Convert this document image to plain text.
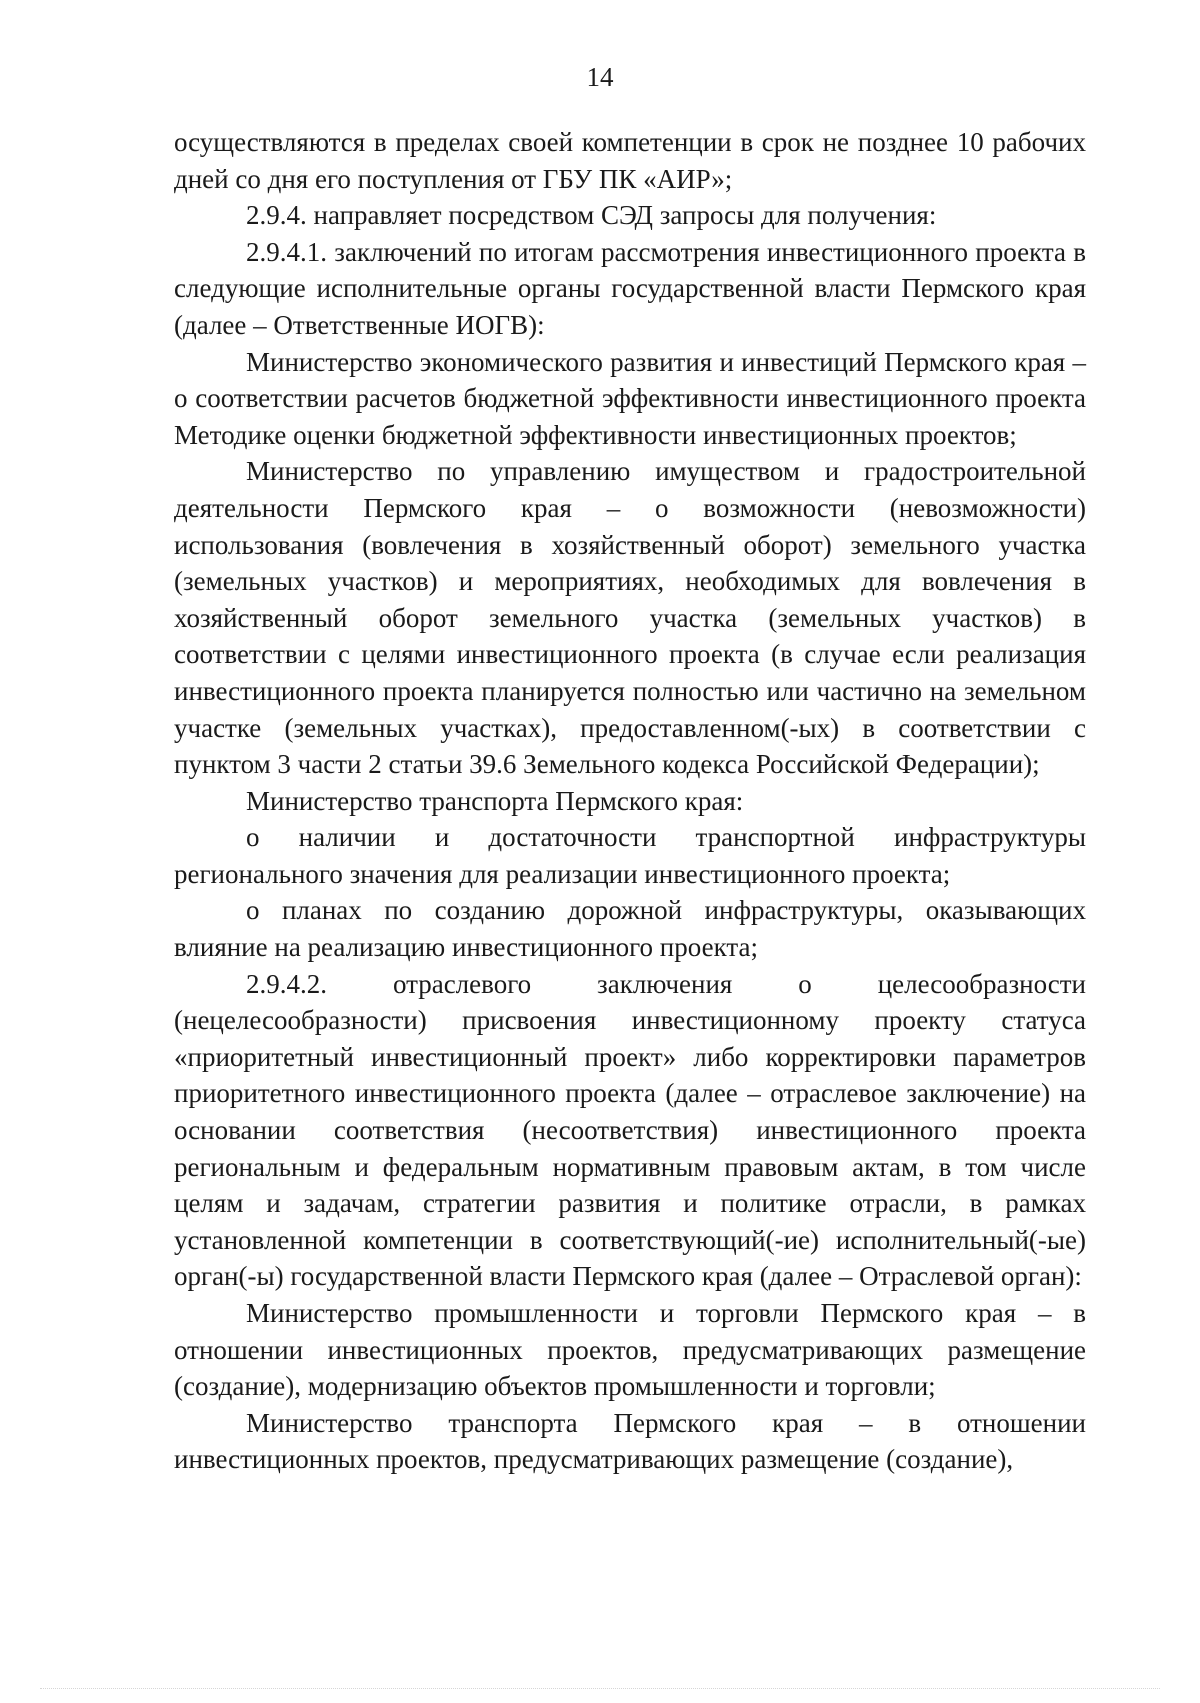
14

осуществляются в пределах своей компетенции в срок не позднее 10 рабочих дней со дня его поступления от ГБУ ПК «АИР»;

2.9.4. направляет посредством СЭД запросы для получения:

2.9.4.1. заключений по итогам рассмотрения инвестиционного проекта в следующие исполнительные органы государственной власти Пермского края (далее – Ответственные ИОГВ):

Министерство экономического развития и инвестиций Пермского края – о соответствии расчетов бюджетной эффективности инвестиционного проекта Методике оценки бюджетной эффективности инвестиционных проектов;

Министерство по управлению имуществом и градостроительной деятельности Пермского края – о возможности (невозможности) использования (вовлечения в хозяйственный оборот) земельного участка (земельных участков) и мероприятиях, необходимых для вовлечения в хозяйственный оборот земельного участка (земельных участков) в соответствии с целями инвестиционного проекта (в случае если реализация инвестиционного проекта планируется полностью или частично на земельном участке (земельных участках), предоставленном(-ых) в соответствии с пунктом 3 части 2 статьи 39.6 Земельного кодекса Российской Федерации);

Министерство транспорта Пермского края:

о наличии и достаточности транспортной инфраструктуры регионального значения для реализации инвестиционного проекта;

о планах по созданию дорожной инфраструктуры, оказывающих влияние на реализацию инвестиционного проекта;

2.9.4.2. отраслевого заключения о целесообразности (нецелесообразности) присвоения инвестиционному проекту статуса «приоритетный инвестиционный проект» либо корректировки параметров приоритетного инвестиционного проекта (далее – отраслевое заключение) на основании соответствия (несоответствия) инвестиционного проекта региональным и федеральным нормативным правовым актам, в том числе целям и задачам, стратегии развития и политике отрасли, в рамках установленной компетенции в соответствующий(-ие) исполнительный(-ые) орган(-ы) государственной власти Пермского края (далее – Отраслевой орган):

Министерство промышленности и торговли Пермского края – в отношении инвестиционных проектов, предусматривающих размещение (создание), модернизацию объектов промышленности и торговли;

Министерство транспорта Пермского края – в отношении инвестиционных проектов, предусматривающих размещение (создание),
